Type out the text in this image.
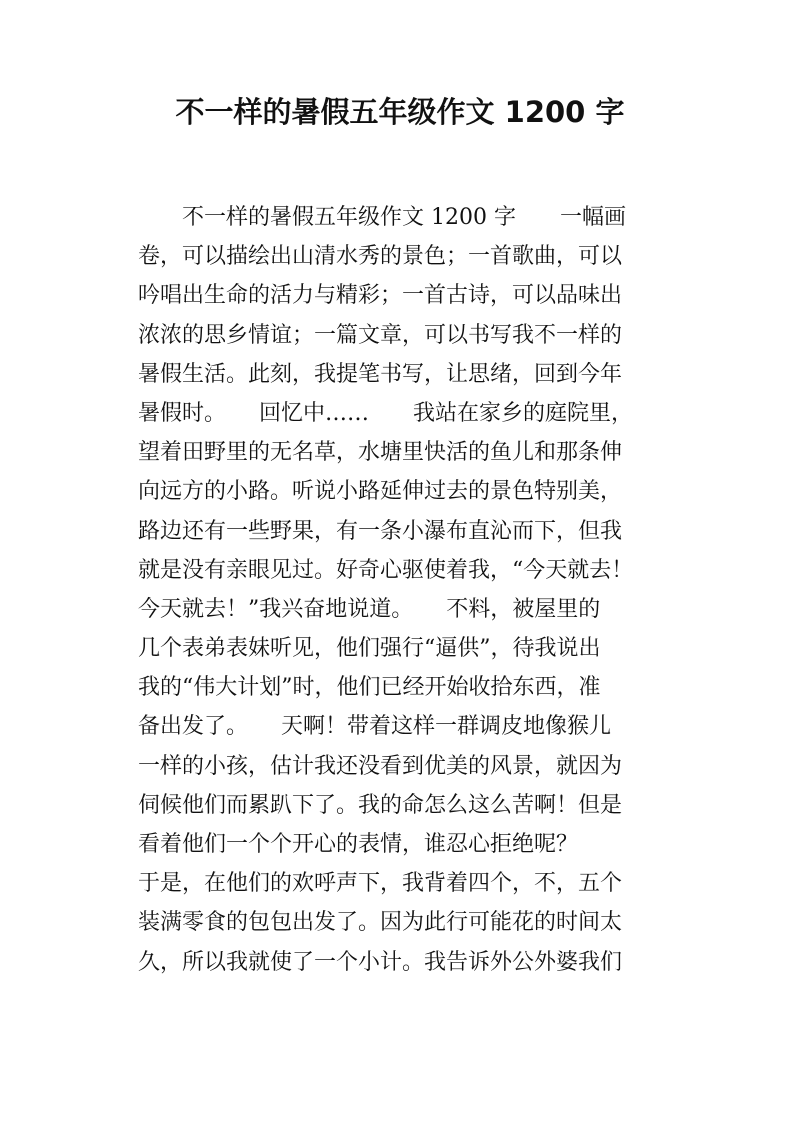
不一样的暑假五年级作文 1200 字
不一样的暑假五年级作文 1200 字　　一幅画
卷，可以描绘出山清水秀的景色；一首歌曲，可以
吟唱出生命的活力与精彩；一首古诗，可以品味出
浓浓的思乡情谊；一篇文章，可以书写我不一样的
暑假生活。此刻，我提笔书写，让思绪，回到今年
暑假时。　　回忆中……　　我站在家乡的庭院里，
望着田野里的无名草，水塘里快活的鱼儿和那条伸
向远方的小路。听说小路延伸过去的景色特别美，
路边还有一些野果，有一条小瀑布直沁而下，但我
就是没有亲眼见过。好奇心驱使着我，“今天就去！
今天就去！”我兴奋地说道。　　不料，被屋里的
几个表弟表妹听见，他们强行“逼供”，待我说出
我的“伟大计划”时，他们已经开始收拾东西，准
备出发了。　　天啊！带着这样一群调皮地像猴儿
一样的小孩，估计我还没看到优美的风景，就因为
伺候他们而累趴下了。我的命怎么这么苦啊！但是
看着他们一个个开心的表情，谁忍心拒绝呢？
于是，在他们的欢呼声下，我背着四个，不，五个
装满零食的包包出发了。因为此行可能花的时间太
久，所以我就使了一个小计。我告诉外公外婆我们
